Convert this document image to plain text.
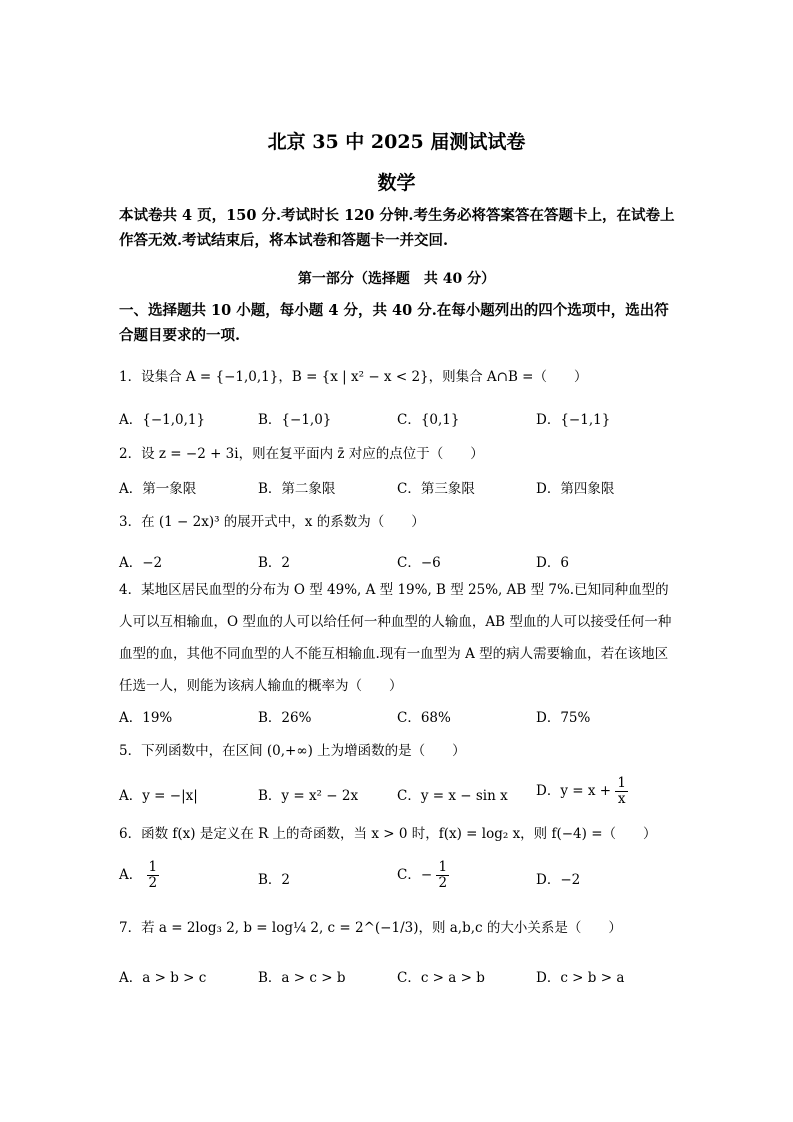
北京 35 中 2025 届测试试卷
数学
本试卷共 4 页，150 分.考试时长 120 分钟.考生务必将答案答在答题卡上，在试卷上作答无效.考试结束后，将本试卷和答题卡一并交回.
第一部分（选择题　共 40 分）
一、选择题共 10 小题，每小题 4 分，共 40 分.在每小题列出的四个选项中，选出符合题目要求的一项.
1．设集合 A = {−1,0,1}，B = {x | x² − x < 2}，则集合 A∩B =（　　）
A．{−1,0,1}	B．{−1,0}	C．{0,1}	D．{−1,1}
2．设 z = −2 + 3i，则在复平面内 z̄ 对应的点位于（　　）
A．第一象限	B．第二象限	C．第三象限	D．第四象限
3．在 (1 − 2x)³ 的展开式中，x 的系数为（　　）
A．−2	B．2	C．−6	D．6
4．某地区居民血型的分布为 O 型 49%, A 型 19%, B 型 25%, AB 型 7%.已知同种血型的人可以互相输血，O 型血的人可以给任何一种血型的人输血，AB 型血的人可以接受任何一种血型的血，其他不同血型的人不能互相输血.现有一血型为 A 型的病人需要输血，若在该地区任选一人，则能为该病人输血的概率为（　　）
A．19%	B．26%	C．68%	D．75%
5．下列函数中，在区间 (0,+∞) 上为增函数的是（　　）
A．y = −|x|	B．y = x² − 2x	C．y = x − sin x D．$y = x + \frac{1}{x}$
6．函数 f(x) 是定义在 R 上的奇函数，当 x > 0 时，f(x) = log₂ x，则 f(−4) =（　　）
A． $\frac{1}{2}$	B．2	C．− $\frac{1}{2}$	D．−2
7．若 a = 2log₃ 2, b = log¼ 2, c = 2^(−1/3)，则 a,b,c 的大小关系是（　　）
A．a > b > c	B．a > c > b	C．c > a > b	D．c > b > a
